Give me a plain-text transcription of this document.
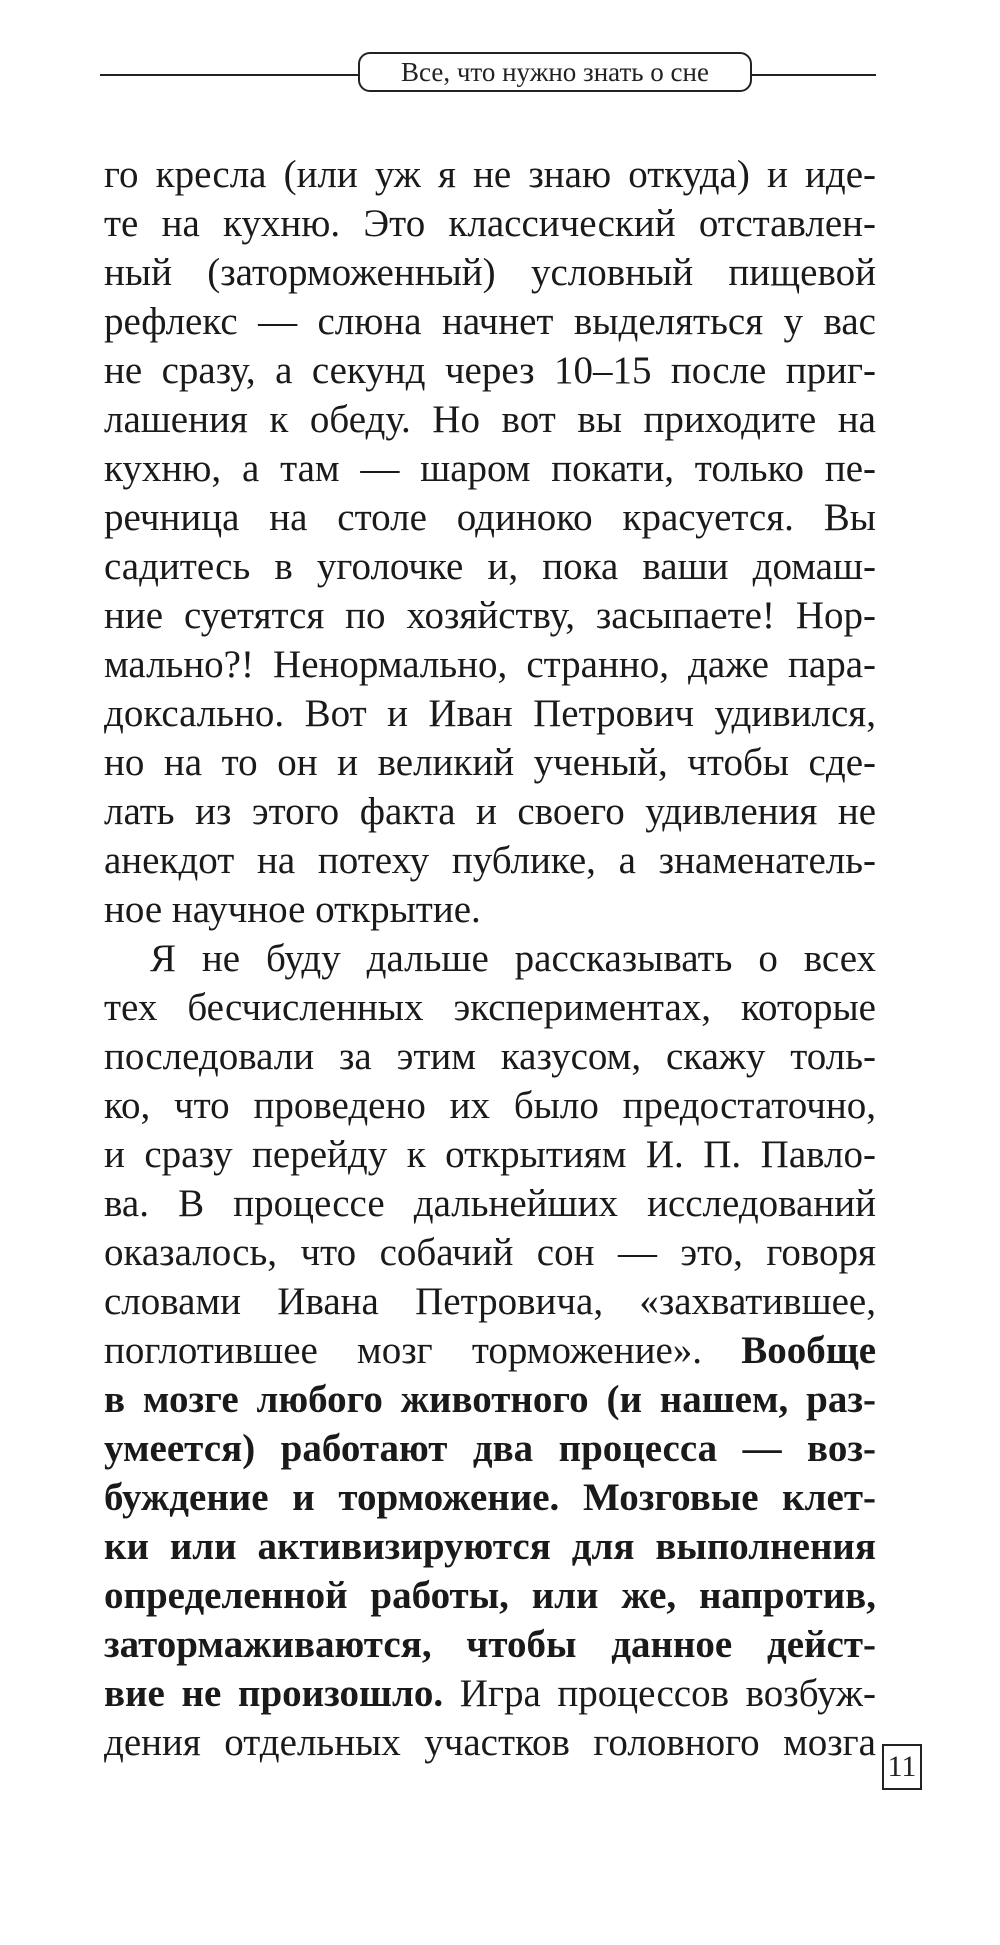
Все, что нужно знать о сне
го кресла (или уж я не знаю откуда) и иде-
те на кухню. Это классический отставлен-
ный (заторможенный) условный пищевой
рефлекс — слюна начнет выделяться у вас
не сразу, а секунд через 10–15 после приг-
лашения к обеду. Но вот вы приходите на
кухню, а там — шаром покати, только пе-
речница на столе одиноко красуется. Вы
садитесь в уголочке и, пока ваши домаш-
ние суетятся по хозяйству, засыпаете! Нор-
мально?! Ненормально, странно, даже пара-
доксально. Вот и Иван Петрович удивился,
но на то он и великий ученый, чтобы сде-
лать из этого факта и своего удивления не
анекдот на потеху публике, а знаменатель-
ное научное открытие.
Я не буду дальше рассказывать о всех
тех бесчисленных экспериментах, которые
последовали за этим казусом, скажу толь-
ко, что проведено их было предостаточно,
и сразу перейду к открытиям И. П. Павло-
ва. В процессе дальнейших исследований
оказалось, что собачий сон — это, говоря
словами Ивана Петровича, «захватившее,
поглотившее мозг торможение». Вообще
в мозге любого животного (и нашем, раз-
умеется) работают два процесса — воз-
буждение и торможение. Мозговые клет-
ки или активизируются для выполнения
определенной работы, или же, напротив,
затормаживаются, чтобы данное дейст-
вие не произошло. Игра процессов возбуж-
дения отдельных участков головного мозга
11
